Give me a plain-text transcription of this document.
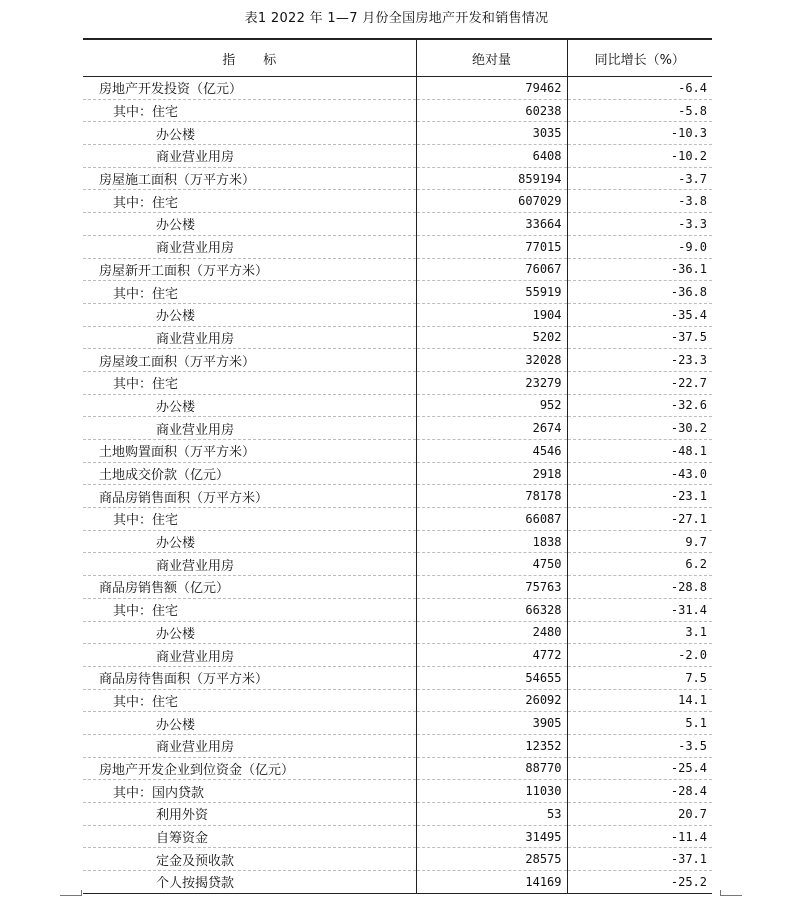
表1 2022 年 1—7 月份全国房地产开发和销售情况
指标	绝对量	同比增长（%）
房地产开发投资（亿元）	79462	-6.4
其中：住宅	60238	-5.8
办公楼	3035	-10.3
商业营业用房	6408	-10.2
房屋施工面积（万平方米）	859194	-3.7
其中：住宅	607029	-3.8
办公楼	33664	-3.3
商业营业用房	77015	-9.0
房屋新开工面积（万平方米）	76067	-36.1
其中：住宅	55919	-36.8
办公楼	1904	-35.4
商业营业用房	5202	-37.5
房屋竣工面积（万平方米）	32028	-23.3
其中：住宅	23279	-22.7
办公楼	952	-32.6
商业营业用房	2674	-30.2
土地购置面积（万平方米）	4546	-48.1
土地成交价款（亿元）	2918	-43.0
商品房销售面积（万平方米）	78178	-23.1
其中：住宅	66087	-27.1
办公楼	1838	9.7
商业营业用房	4750	6.2
商品房销售额（亿元）	75763	-28.8
其中：住宅	66328	-31.4
办公楼	2480	3.1
商业营业用房	4772	-2.0
商品房待售面积（万平方米）	54655	7.5
其中：住宅	26092	14.1
办公楼	3905	5.1
商业营业用房	12352	-3.5
房地产开发企业到位资金（亿元）	88770	-25.4
其中：国内贷款	11030	-28.4
利用外资	53	20.7
自筹资金	31495	-11.4
定金及预收款	28575	-37.1
个人按揭贷款	14169	-25.2
